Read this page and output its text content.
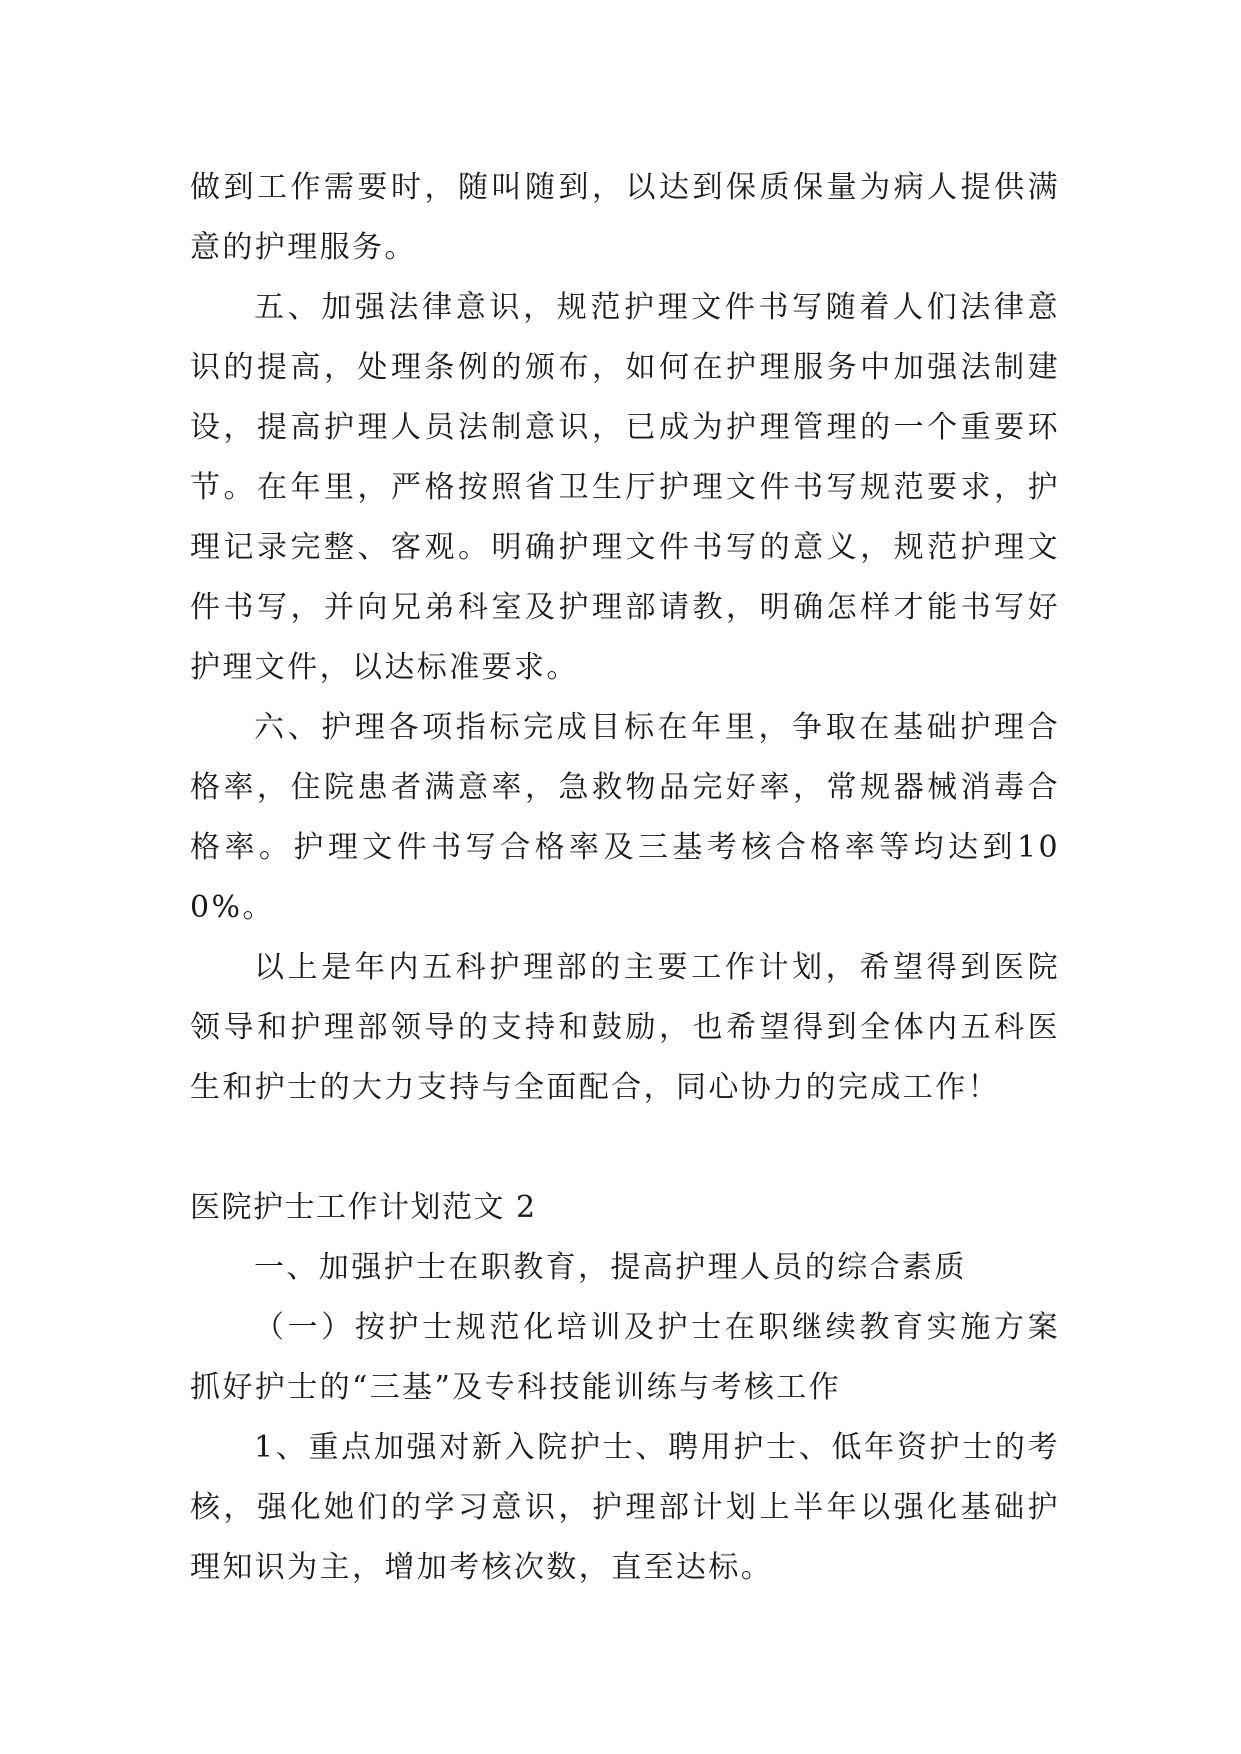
做到工作需要时，随叫随到，以达到保质保量为病人提供满意的护理服务。

五、加强法律意识，规范护理文件书写随着人们法律意识的提高，处理条例的颁布，如何在护理服务中加强法制建设，提高护理人员法制意识，已成为护理管理的一个重要环节。在年里，严格按照省卫生厅护理文件书写规范要求，护理记录完整、客观。明确护理文件书写的意义，规范护理文件书写，并向兄弟科室及护理部请教，明确怎样才能书写好护理文件，以达标准要求。

六、护理各项指标完成目标在年里，争取在基础护理合格率，住院患者满意率，急救物品完好率，常规器械消毒合格率。护理文件书写合格率及三基考核合格率等均达到100%。

以上是年内五科护理部的主要工作计划，希望得到医院领导和护理部领导的支持和鼓励，也希望得到全体内五科医生和护士的大力支持与全面配合，同心协力的完成工作！

医院护士工作计划范文 2

一、加强护士在职教育，提高护理人员的综合素质

（一）按护士规范化培训及护士在职继续教育实施方案抓好护士的“三基”及专科技能训练与考核工作

1、重点加强对新入院护士、聘用护士、低年资护士的考核，强化她们的学习意识，护理部计划上半年以强化基础护理知识为主，增加考核次数，直至达标。
